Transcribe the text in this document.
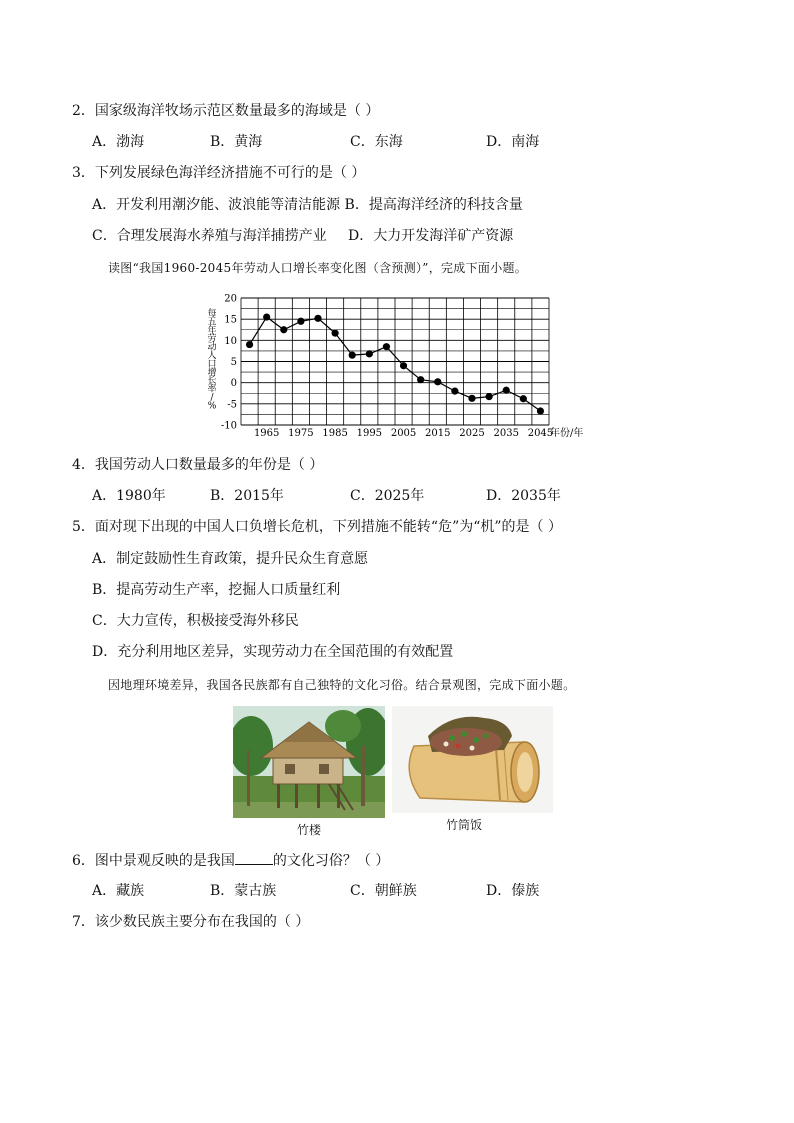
2．国家级海洋牧场示范区数量最多的海域是（ ）
A．渤海	B．黄海	C．东海	D．南海
3．下列发展绿色海洋经济措施不可行的是（ ）
A．开发利用潮汐能、波浪能等清洁能源 B．提高海洋经济的科技含量
C．合理发展海水养殖与海洋捕捞产业 D．大力开发海洋矿产资源
读图“我国1960-2045年劳动人口增长率变化图（含预测）”，完成下面小题。
每
五
年
劳
动
人
口
增
长
率
/
%
20
15
10
5
0
-5
-10
1965 1975 1985 1995 2005 2015 2025 2035 2045
年份/年
4．我国劳动人口数量最多的年份是（ ）
A．1980年	B．2015年	C．2025年	D．2035年
5．面对现下出现的中国人口负增长危机，下列措施不能转“危”为“机”的是（ ）
A．制定鼓励性生育政策，提升民众生育意愿
B．提高劳动生产率，挖掘人口质量红利
C．大力宣传，积极接受海外移民
D．充分利用地区差异，实现劳动力在全国范围的有效配置
因地理环境差异，我国各民族都有自己独特的文化习俗。结合景观图，完成下面小题。
竹楼	竹筒饭
6．图中景观反映的是我国	的文化习俗？（ ）
A．藏族	B．蒙古族	C．朝鲜族	D．傣族
7．该少数民族主要分布在我国的（ ）
